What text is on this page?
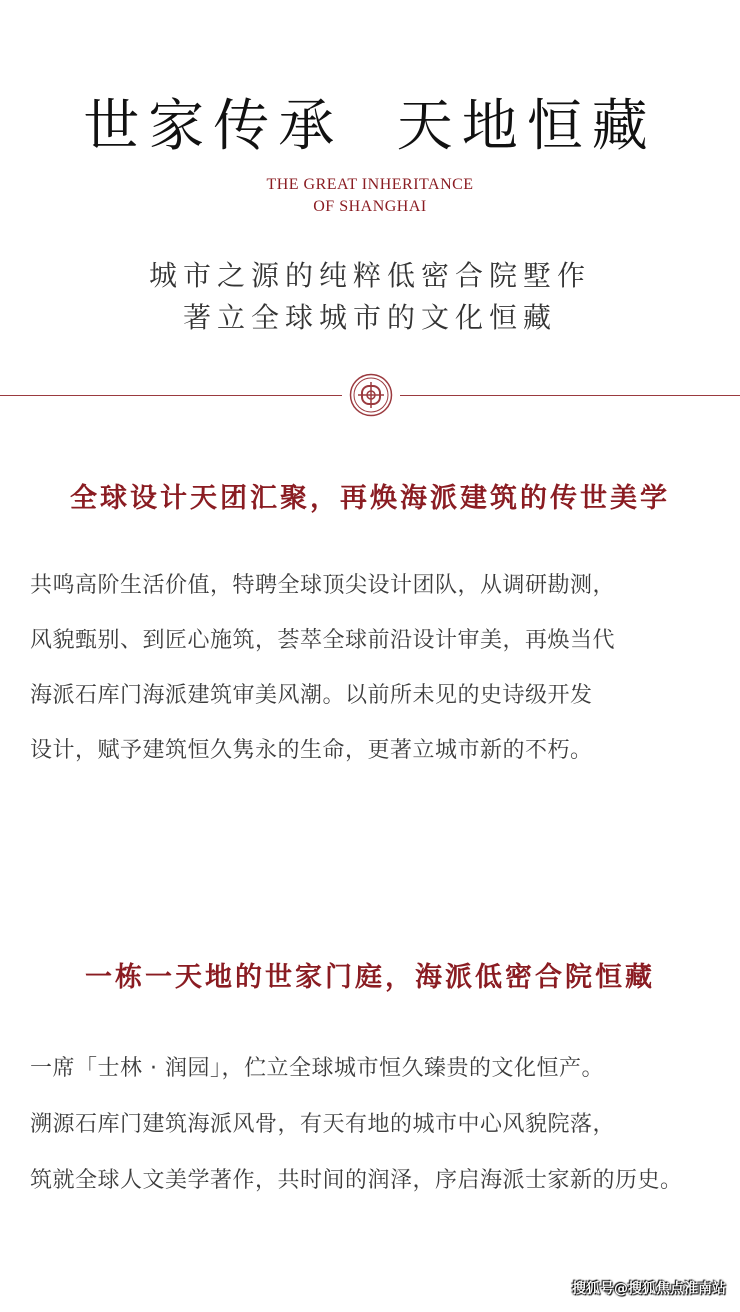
世家传承  天地恒藏
THE GREAT INHERITANCE
OF SHANGHAI
城市之源的纯粹低密合院墅作
著立全球城市的文化恒藏
全球设计天团汇聚，再焕海派建筑的传世美学

共鸣高阶生活价值，特聘全球顶尖设计团队，从调研勘测，

风貌甄别、到匠心施筑，荟萃全球前沿设计审美，再焕当代

海派石库门海派建筑审美风潮。以前所未见的史诗级开发

设计，赋予建筑恒久隽永的生命，更著立城市新的不朽。

一栋一天地的世家门庭，海派低密合院恒藏

一席「士林 · 润园」，伫立全球城市恒久臻贵的文化恒产。

溯源石库门建筑海派风骨，有天有地的城市中心风貌院落，

筑就全球人文美学著作，共时间的润泽，序启海派士家新的历史。

搜狐号@搜狐焦点淮南站
